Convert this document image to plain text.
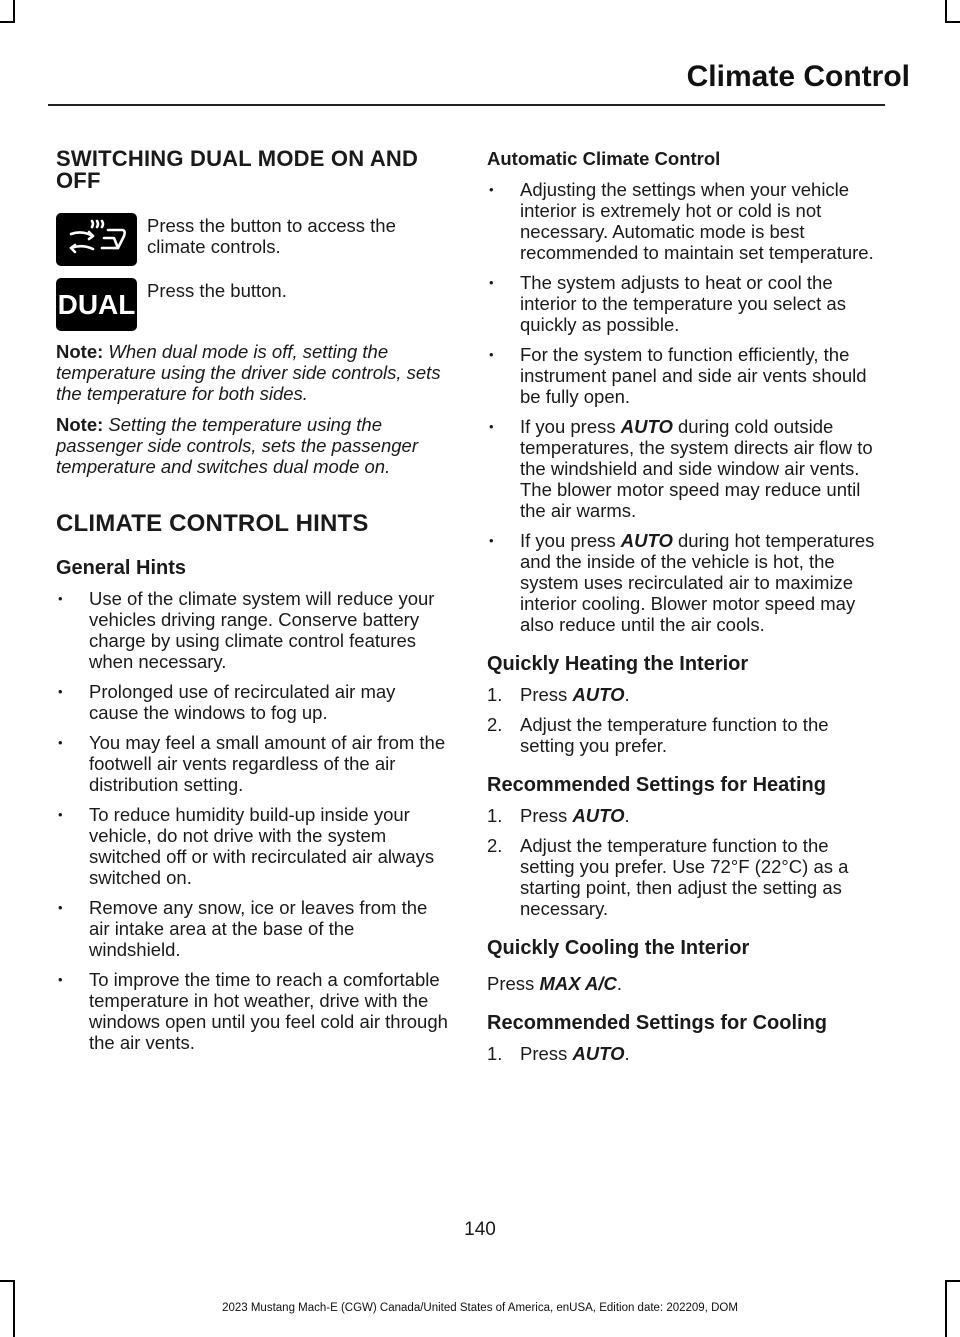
Climate Control
SWITCHING DUAL MODE ON AND OFF

Press the button to access the climate controls.

DUAL Press the button.

Note: When dual mode is off, setting the temperature using the driver side controls, sets the temperature for both sides.

Note: Setting the temperature using the passenger side controls, sets the passenger temperature and switches dual mode on.

CLIMATE CONTROL HINTS
General Hints
• Use of the climate system will reduce your vehicles driving range. Conserve battery charge by using climate control features when necessary.
• Prolonged use of recirculated air may cause the windows to fog up.
• You may feel a small amount of air from the footwell air vents regardless of the air distribution setting.
• To reduce humidity build-up inside your vehicle, do not drive with the system switched off or with recirculated air always switched on.
• Remove any snow, ice or leaves from the air intake area at the base of the windshield.
• To improve the time to reach a comfortable temperature in hot weather, drive with the windows open until you feel cold air through the air vents.
Automatic Climate Control
• Adjusting the settings when your vehicle interior is extremely hot or cold is not necessary. Automatic mode is best recommended to maintain set temperature.
• The system adjusts to heat or cool the interior to the temperature you select as quickly as possible.
• For the system to function efficiently, the instrument panel and side air vents should be fully open.
• If you press AUTO during cold outside temperatures, the system directs air flow to the windshield and side window air vents. The blower motor speed may reduce until the air warms.
• If you press AUTO during hot temperatures and the inside of the vehicle is hot, the system uses recirculated air to maximize interior cooling. Blower motor speed may also reduce until the air cools.
Quickly Heating the Interior
1. Press AUTO.
2. Adjust the temperature function to the setting you prefer.
Recommended Settings for Heating
1. Press AUTO.
2. Adjust the temperature function to the setting you prefer. Use 72°F (22°C) as a starting point, then adjust the setting as necessary.
Quickly Cooling the Interior

Press MAX A/C.

Recommended Settings for Cooling
1. Press AUTO.
140
2023 Mustang Mach-E (CGW) Canada/United States of America, enUSA, Edition date: 202209, DOM
